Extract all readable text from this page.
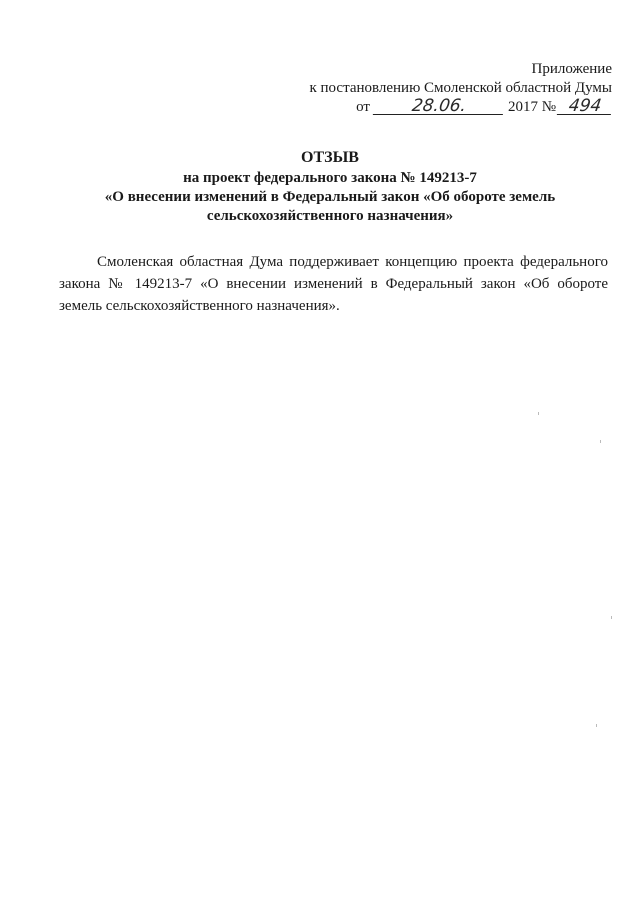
Приложение
к постановлению Смоленской областной Думы
от 28.06.	2017 № 494
ОТЗЫВ
на проект федерального закона № 149213-7
«О внесении изменений в Федеральный закон «Об обороте земель
сельскохозяйственного назначения»

Смоленская областная Дума поддерживает концепцию проекта федерального закона № 149213-7 «О внесении изменений в Федеральный закон «Об обороте земель сельскохозяйственного назначения».
